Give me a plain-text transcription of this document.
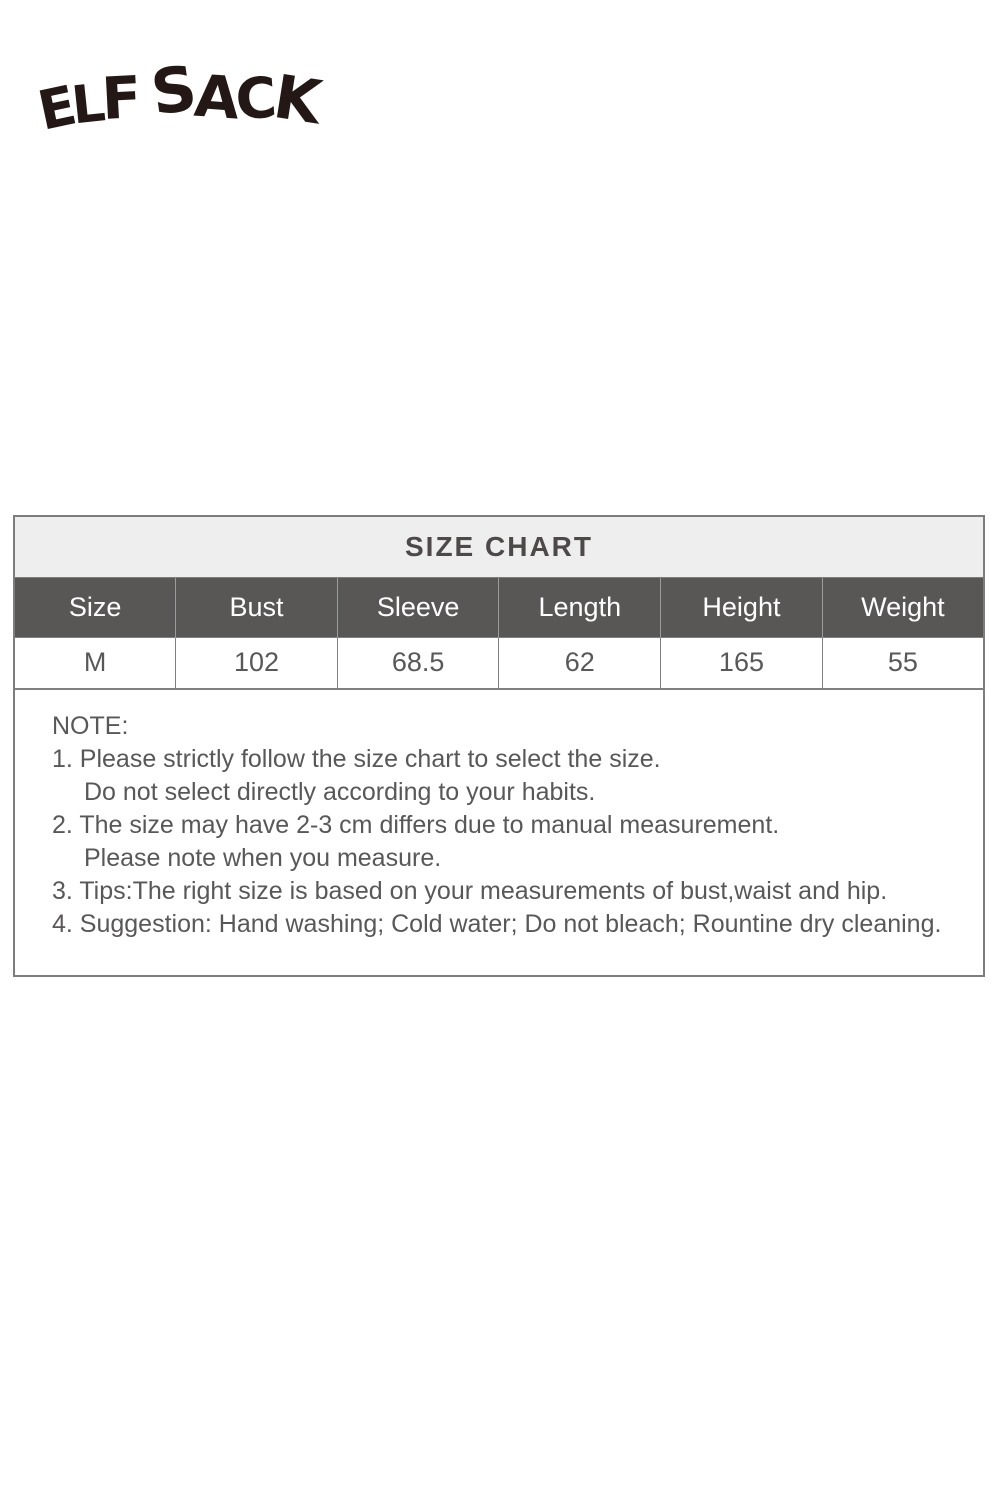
E
L
F
S
A
C
K
SIZE CHART
Size	Bust	Sleeve	Length	Height	Weight
M	102	68.5	62	165	55
NOTE:
1. Please strictly follow the size chart to select the size.
Do not select directly according to your habits.
2. The size may have 2-3 cm differs due to manual measurement.
Please note when you measure.
3. Tips:The right size is based on your measurements of bust,waist and hip.
4. Suggestion: Hand washing; Cold water; Do not bleach; Rountine dry cleaning.
